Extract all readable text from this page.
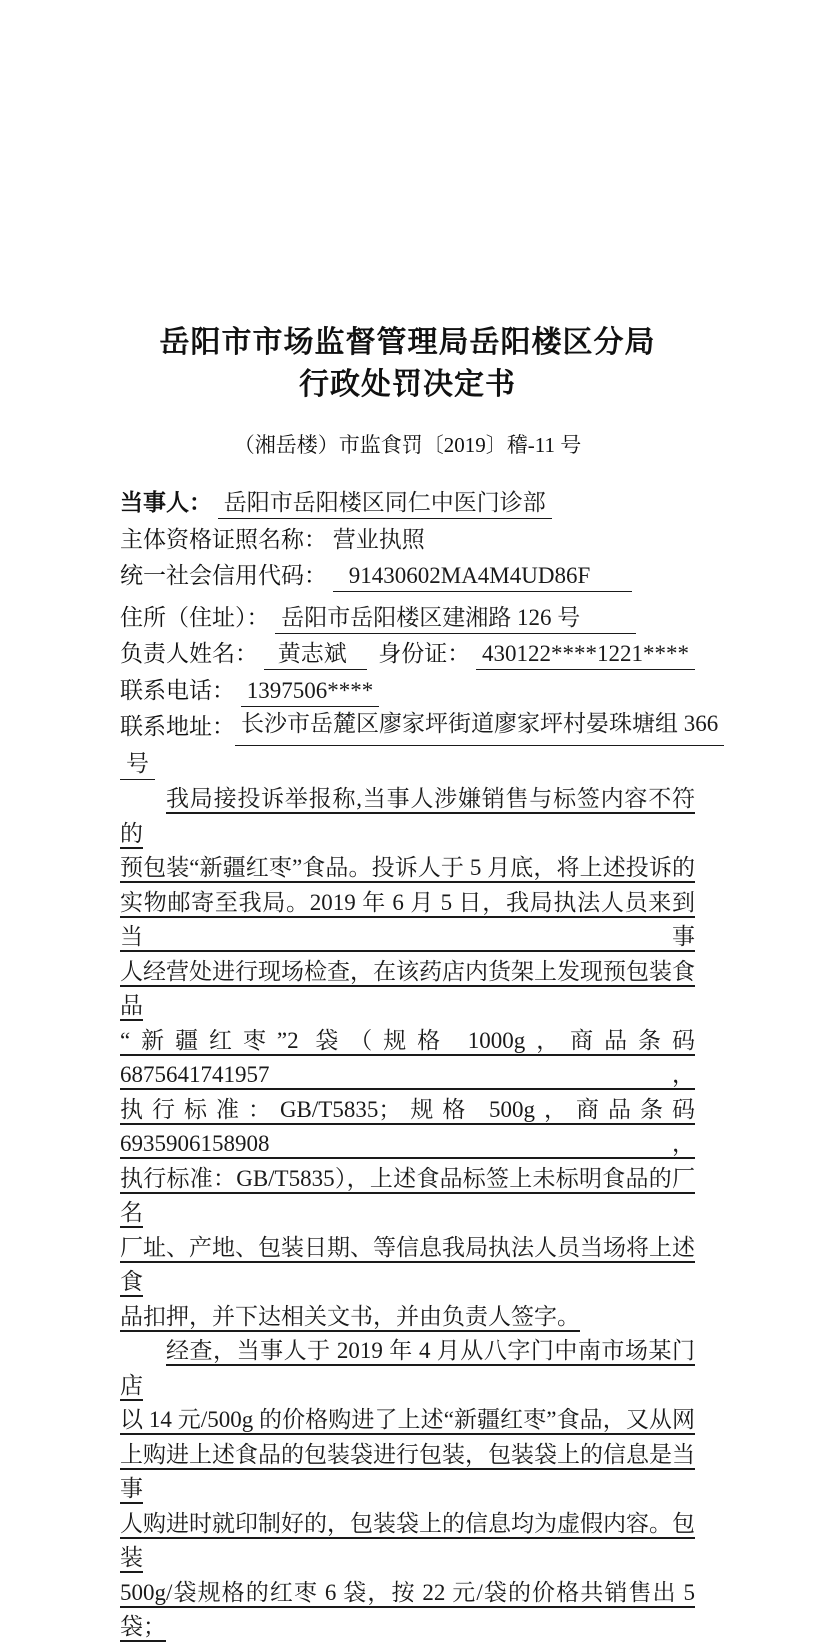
岳阳市市场监督管理局岳阳楼区分局
行政处罚决定书
（湘岳楼）市监食罚〔2019〕稽-11 号
当事人： 岳阳市岳阳楼区同仁中医门诊部
主体资格证照名称： 营业执照
统一社会信用代码： 91430602MA4M4UD86F
住所（住址）： 岳阳市岳阳楼区建湘路 126 号
负责人姓名： 黄志斌	身份证： 430122****1221****
联系电话： 1397506****
联系地址： 长沙市岳麓区廖家坪街道廖家坪村晏珠塘组 366
号
我局接投诉举报称,当事人涉嫌销售与标签内容不符的
预包装“新疆红枣”食品。投诉人于 5 月底，将上述投诉的
实物邮寄至我局。2019 年 6 月 5 日，我局执法人员来到当事
人经营处进行现场检查，在该药店内货架上发现预包装食品
“新疆红枣”2 袋（规格 1000g，商品条码 6875641741957，
执行标准：GB/T5835；规格 500g，商品条码 6935906158908，
执行标准：GB/T5835），上述食品标签上未标明食品的厂名
厂址、产地、包装日期、等信息我局执法人员当场将上述食
品扣押，并下达相关文书，并由负责人签字。
经查，当事人于 2019 年 4 月从八字门中南市场某门店
以 14 元/500g 的价格购进了上述“新疆红枣”食品，又从网
上购进上述食品的包装袋进行包装，包装袋上的信息是当事
人购进时就印制好的，包装袋上的信息均为虚假内容。包装
500g/袋规格的红枣 6 袋，按 22 元/袋的价格共销售出 5 袋；
